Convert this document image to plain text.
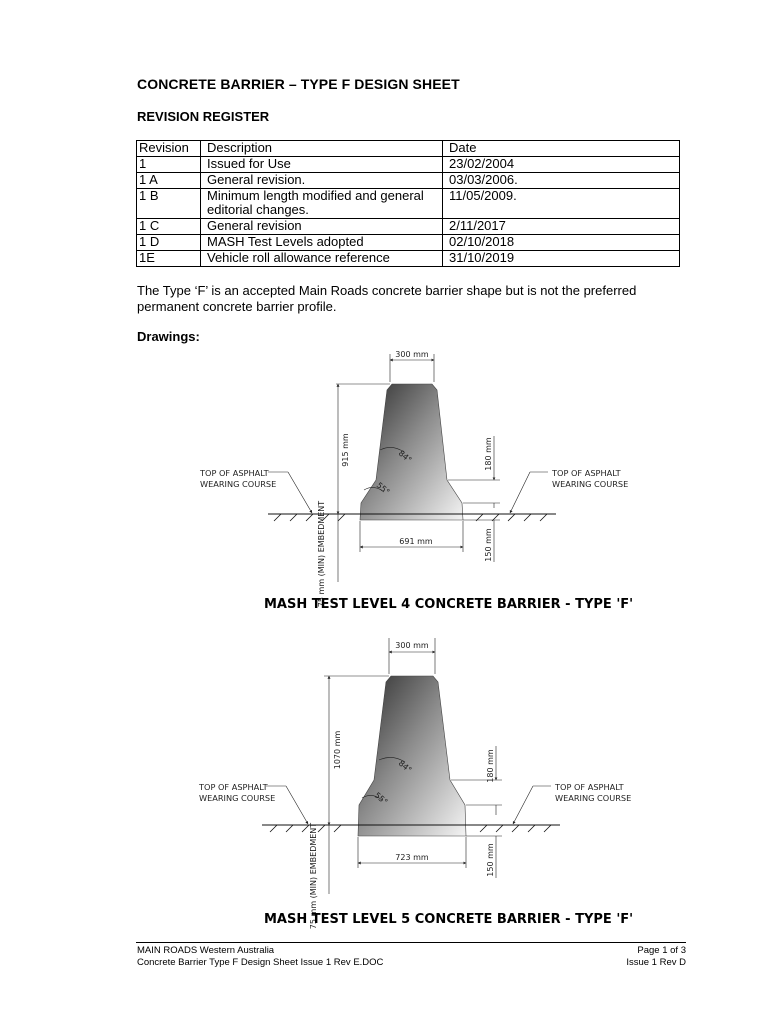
CONCRETE BARRIER – TYPE F DESIGN SHEET
REVISION REGISTER
Revision	Description	Date
1	Issued for Use	23/02/2004
1 A	General revision.	03/03/2006.
1 B	Minimum length modified and general editorial changes.	11/05/2009.
1 C	General revision	2/11/2017
1 D	MASH Test Levels adopted	02/10/2018
1E	Vehicle roll allowance reference	31/10/2019
The Type ‘F’ is an accepted Main Roads concrete barrier shape but is not the preferred permanent concrete barrier profile.
Drawings:
300 mm
915 mm	180 mm
150 mm
691 mm
75 mm (MIN) EMBEDMENT
84°
55°
TOP OF ASPHALT
WEARING COURSE
TOP OF ASPHALT
WEARING COURSE
MASH TEST LEVEL 4 CONCRETE BARRIER - TYPE 'F'
300 mm
1070 mm	180 mm
150 mm
723 mm
75 mm (MIN) EMBEDMENT
84°
55°
TOP OF ASPHALT
WEARING COURSE
TOP OF ASPHALT
WEARING COURSE
MASH TEST LEVEL 5 CONCRETE BARRIER - TYPE 'F'
MAIN ROADS Western Australia
Concrete Barrier Type F Design Sheet Issue 1 Rev E.DOC
Page 1 of 3
Issue 1 Rev D
